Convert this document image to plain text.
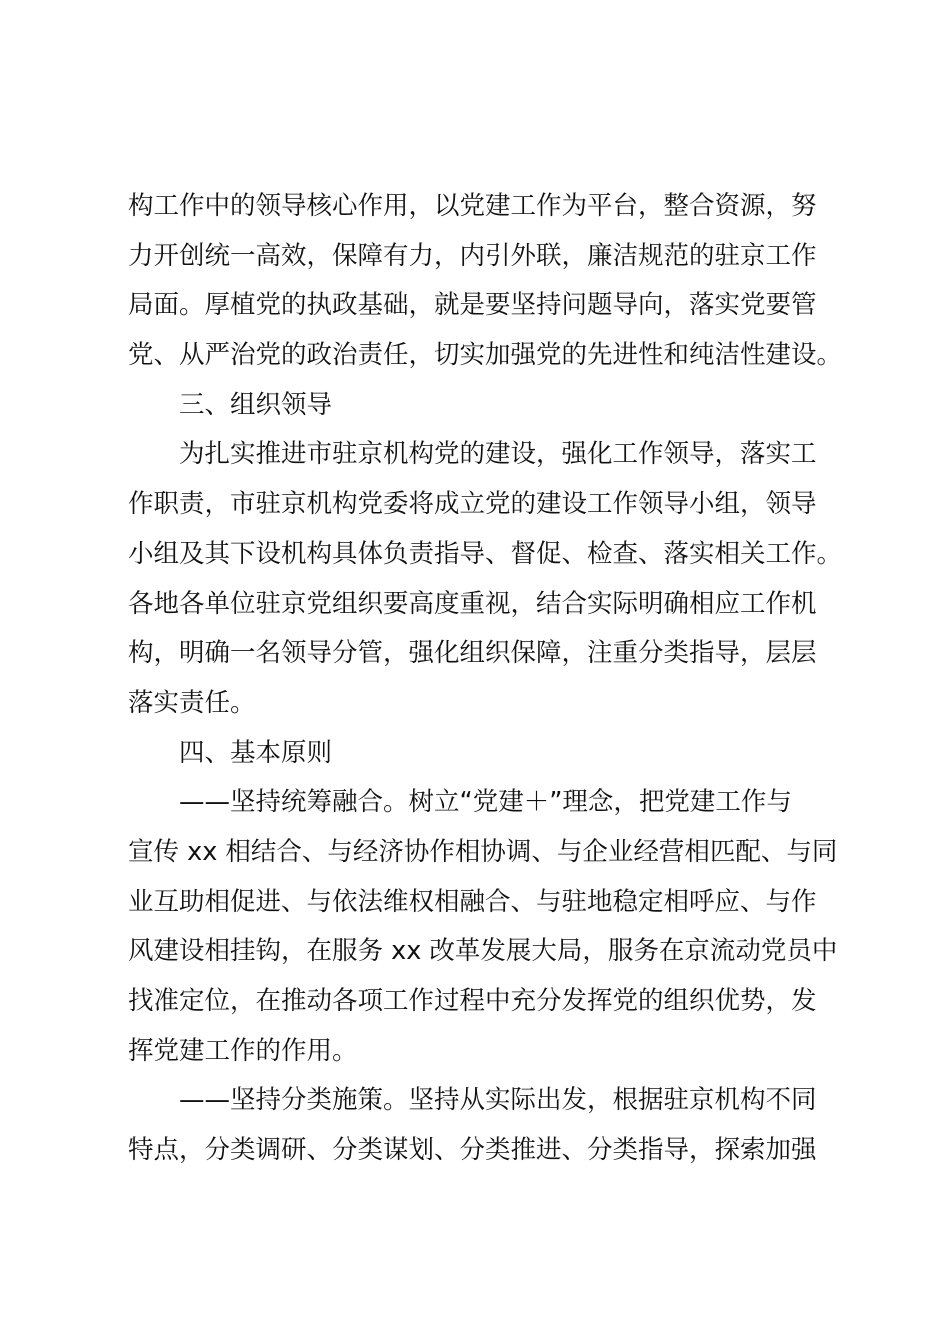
构工作中的领导核心作用，以党建工作为平台，整合资源，努
力开创统一高效，保障有力，内引外联，廉洁规范的驻京工作
局面。厚植党的执政基础，就是要坚持问题导向，落实党要管
党、从严治党的政治责任，切实加强党的先进性和纯洁性建设。
三、组织领导
为扎实推进市驻京机构党的建设，强化工作领导，落实工
作职责，市驻京机构党委将成立党的建设工作领导小组，领导
小组及其下设机构具体负责指导、督促、检查、落实相关工作。
各地各单位驻京党组织要高度重视，结合实际明确相应工作机
构，明确一名领导分管，强化组织保障，注重分类指导，层层
落实责任。
四、基本原则
——坚持统筹融合。树立“党建＋”理念，把党建工作与
宣传 xx 相结合、与经济协作相协调、与企业经营相匹配、与同
业互助相促进、与依法维权相融合、与驻地稳定相呼应、与作
风建设相挂钩，在服务 xx 改革发展大局，服务在京流动党员中
找准定位，在推动各项工作过程中充分发挥党的组织优势，发
挥党建工作的作用。
——坚持分类施策。坚持从实际出发，根据驻京机构不同
特点，分类调研、分类谋划、分类推进、分类指导，探索加强
